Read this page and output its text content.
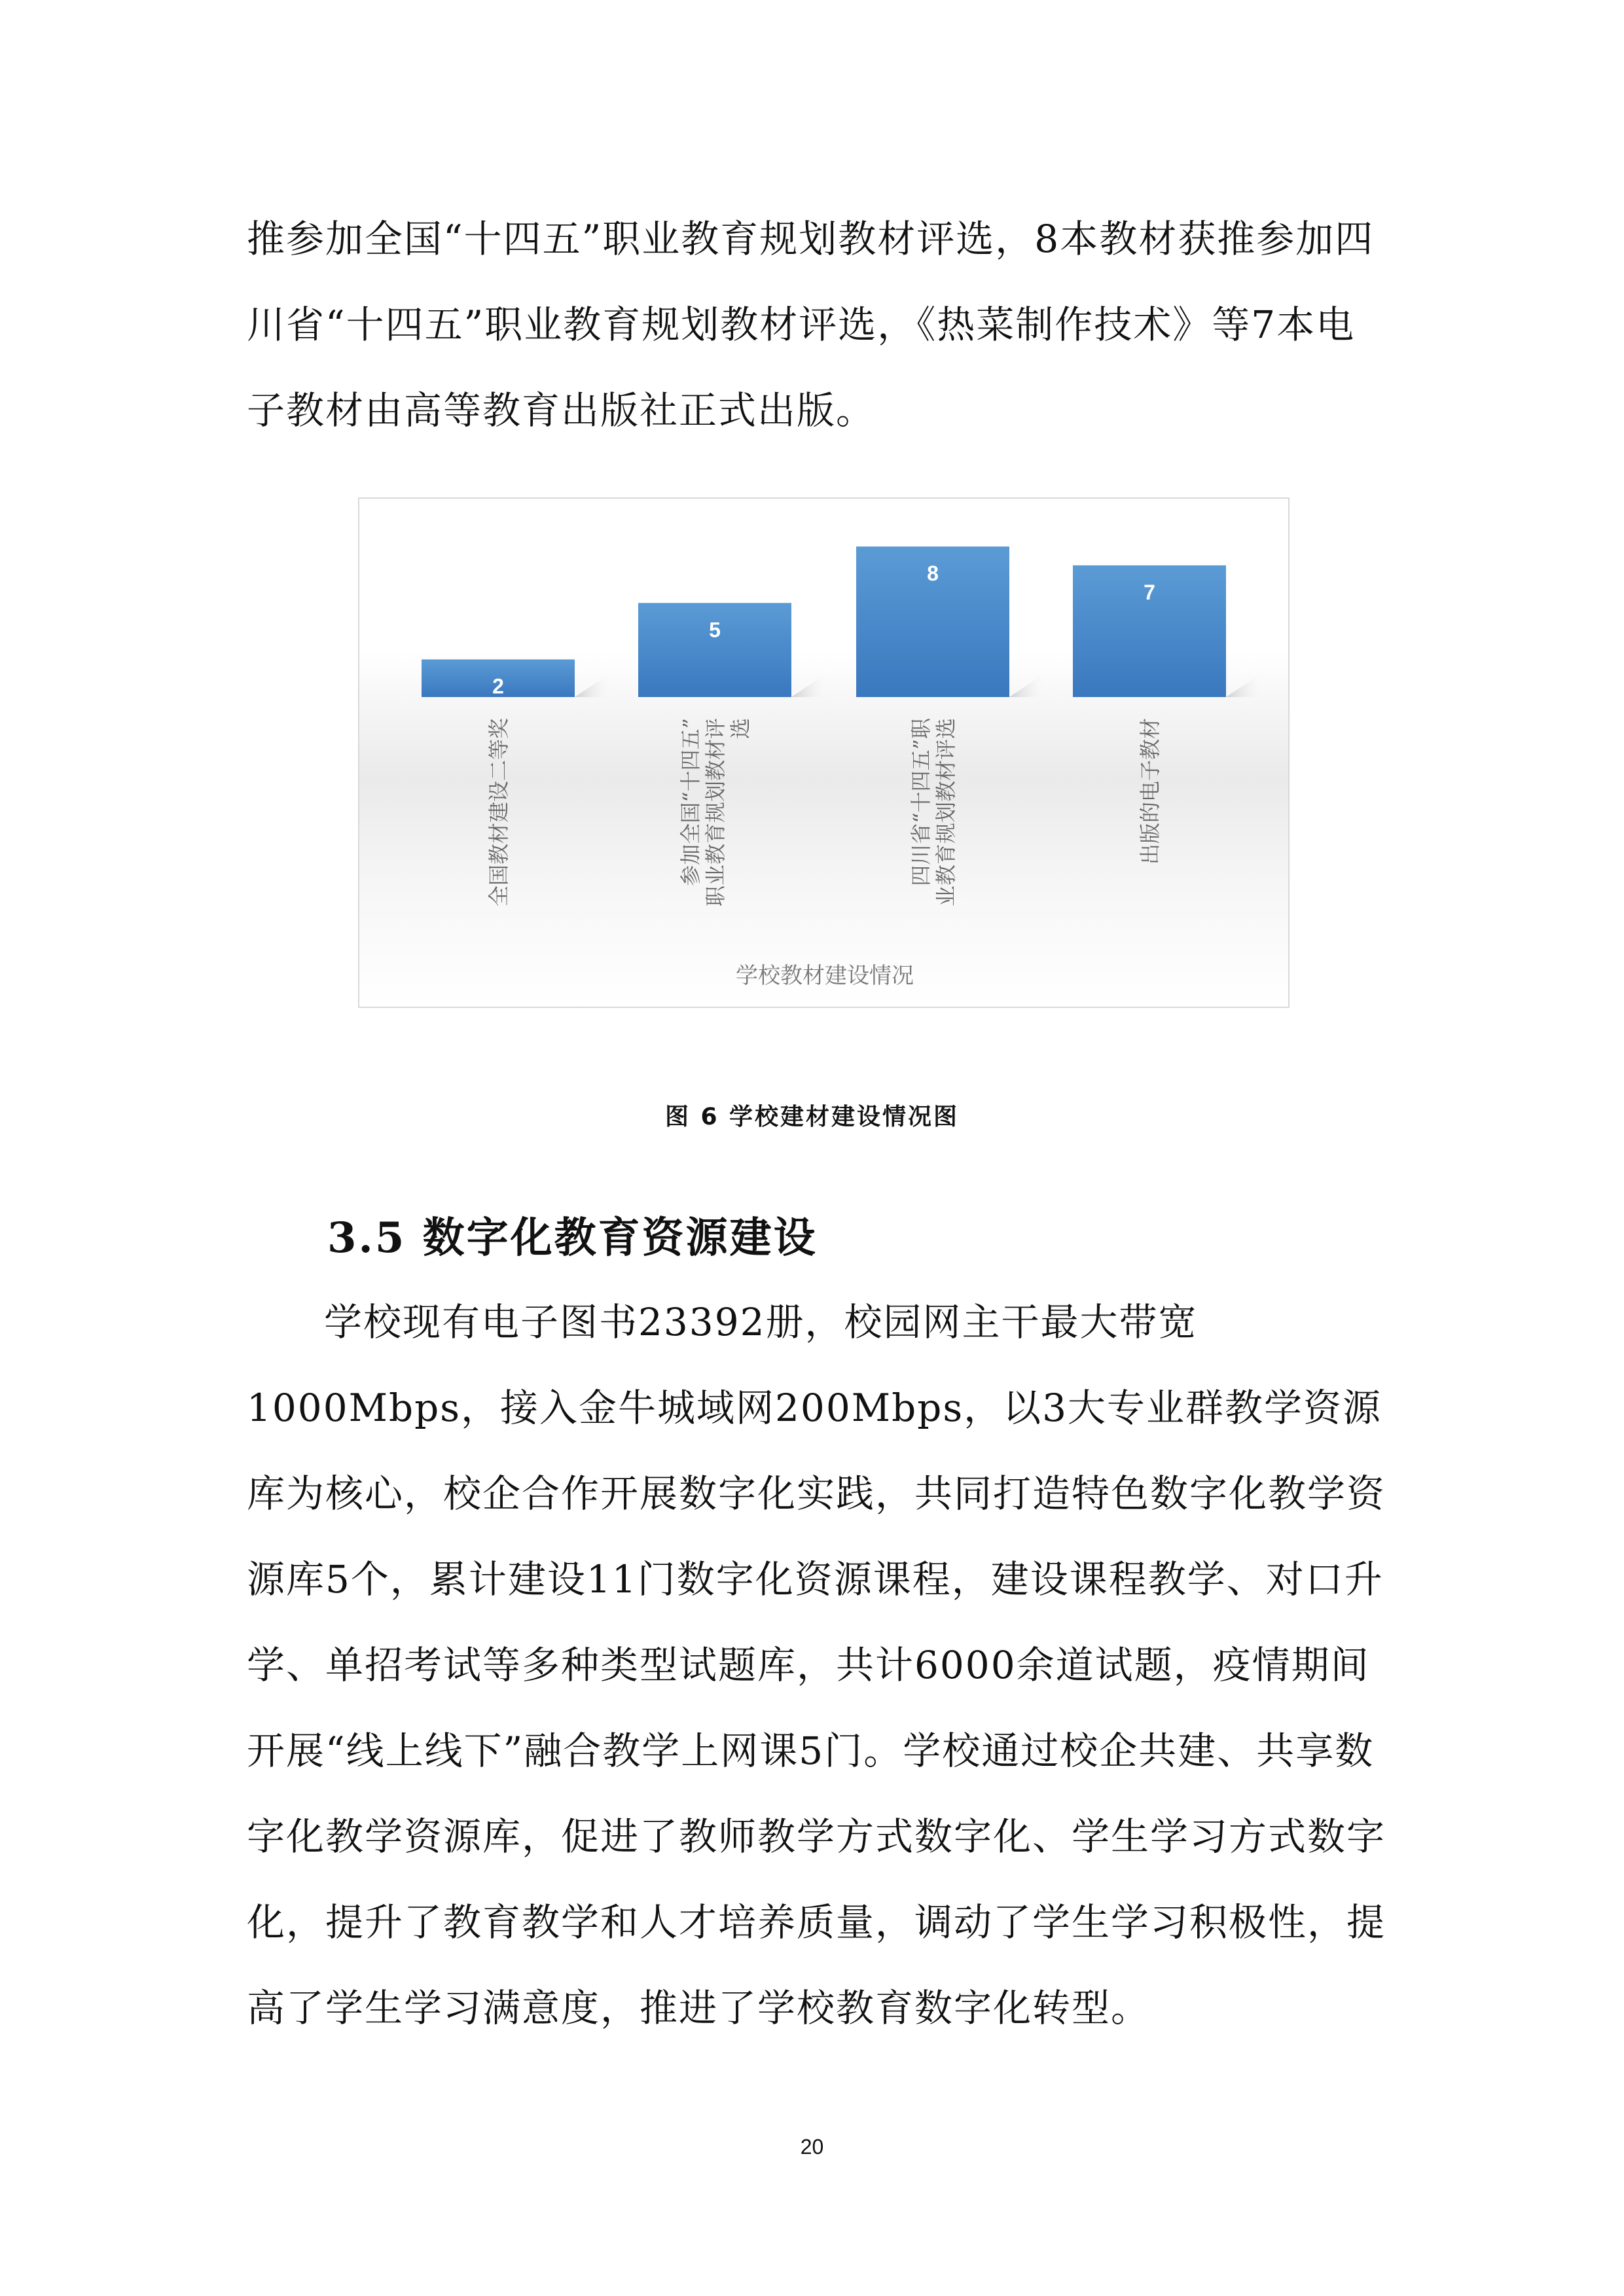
推参加全国“十四五”职业教育规划教材评选，8本教材获推参加四川省“十四五”职业教育规划教材评选，《热菜制作技术》等7本电子教材由高等教育出版社正式出版。

2
5
8
7
全国教材建设二等奖	参加全国“十四五” 职业教育规划教材评 选	四川省“十四五”职 业教育规划教材评选	出版的电子教材
学校教材建设情况
图 6 学校建材建设情况图
3.5 数字化教育资源建设

学校现有电子图书23392册，校园网主干最大带宽1000Mbps，接入金牛城域网200Mbps，以3大专业群教学资源库为核心，校企合作开展数字化实践，共同打造特色数字化教学资源库5个，累计建设11门数字化资源课程，建设课程教学、对口升学、单招考试等多种类型试题库，共计6000余道试题，疫情期间开展“线上线下”融合教学上网课5门。学校通过校企共建、共享数字化教学资源库，促进了教师教学方式数字化、学生学习方式数字化，提升了教育教学和人才培养质量，调动了学生学习积极性，提高了学生学习满意度，推进了学校教育数字化转型。

20
